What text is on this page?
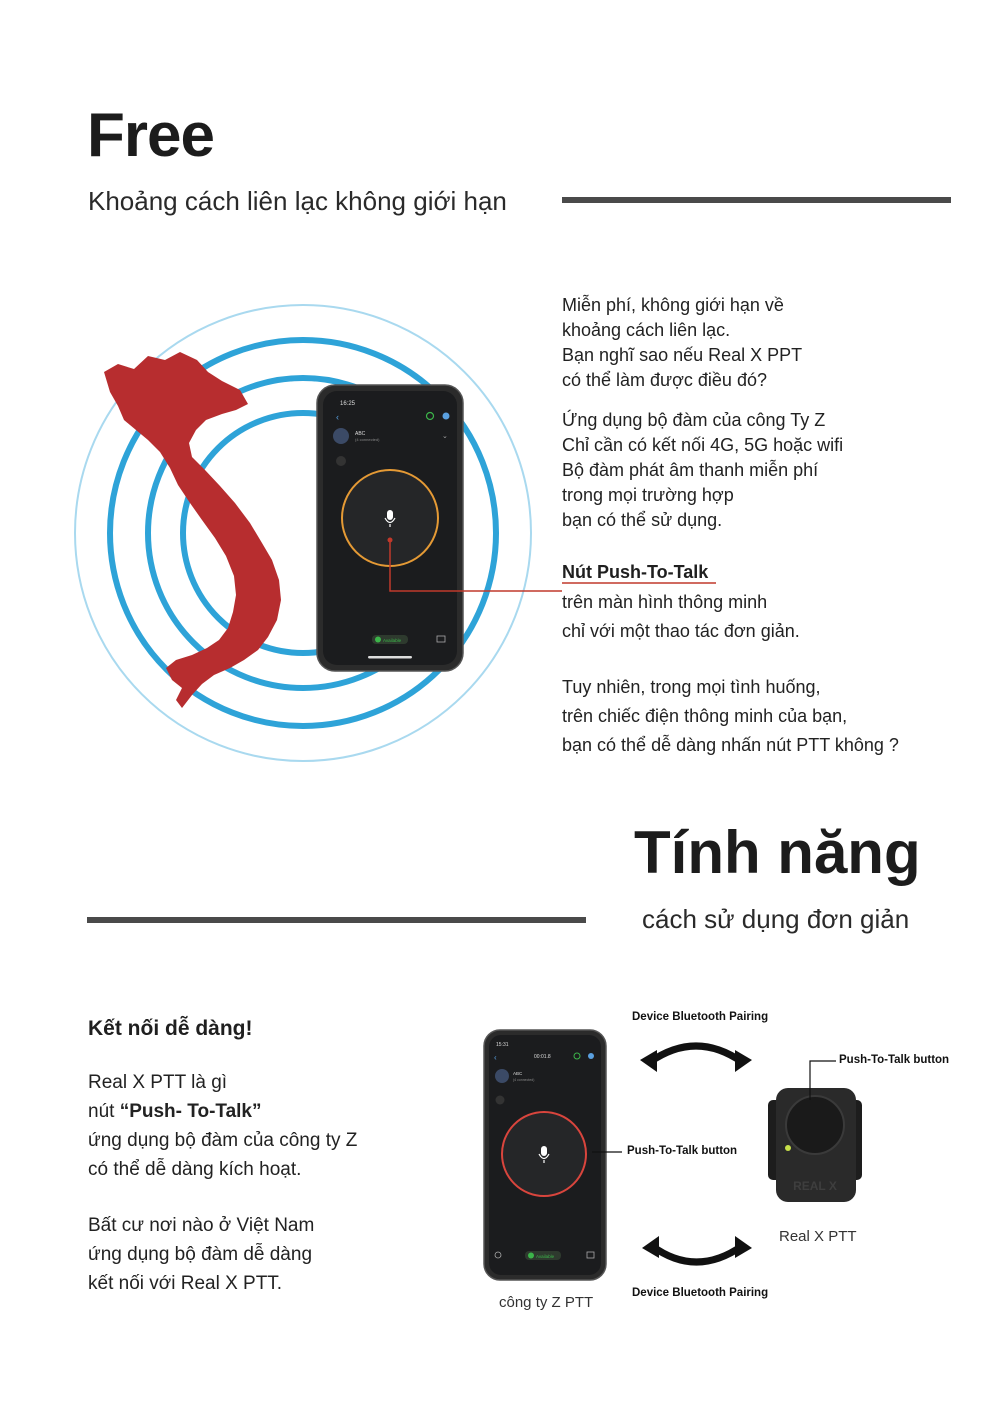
Free
Khoảng cách liên lạc không giới hạn
16:25
‹
ABC
(4 connected)	⌄
Available
Miễn phí, không giới hạn về
khoảng cách liên lạc.
Bạn nghĩ sao nếu Real X PPT
có thể làm được điều đó?
Ứng dụng bộ đàm của công Ty Z
Chỉ cần có kết nối 4G, 5G hoặc wifi
Bộ đàm phát âm thanh miễn phí
trong mọi trường hợp
bạn có thể sử dụng.
Nút Push-To-Talk
trên màn hình thông minh
chỉ với một thao tác đơn giản.
Tuy nhiên, trong mọi tình huống,
trên chiếc điện thông minh của bạn,
bạn có thể dễ dàng nhấn nút PTT không ?
Tính năng
cách sử dụng đơn giản
Kết nối dễ dàng!
Real X PTT là gì
nút “Push- To-Talk”
ứng dụng bộ đàm của công ty Z
có thể dễ dàng kích hoạt.
Bất cư nơi nào ở Việt Nam
ứng dụng bộ đàm dễ dàng
kết nối với Real X PTT.
15:31
00:01.8
‹
ABC
(4 connected)
Available
REAL X
Device Bluetooth Pairing
Push-To-Talk button
Push-To-Talk button
Device Bluetooth Pairing
Real X PTT
công ty Z PTT
